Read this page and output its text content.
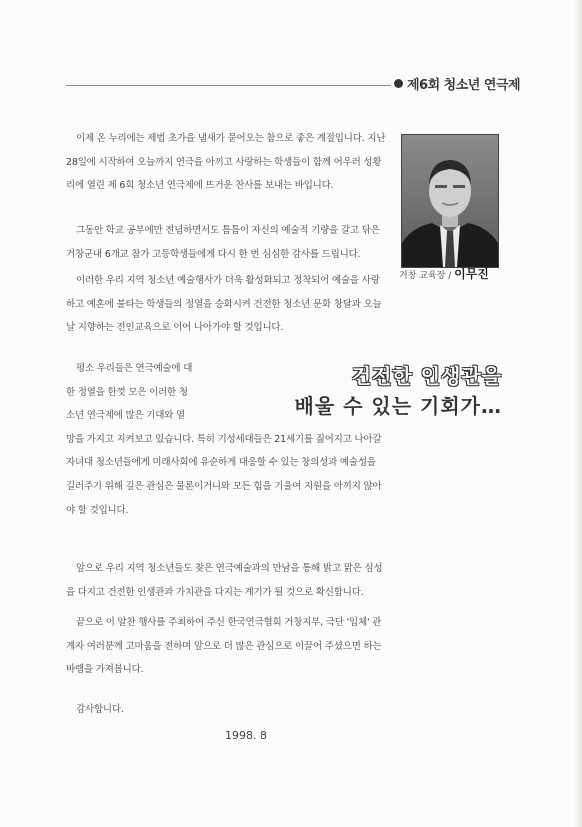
제6회 청소년 연극제
이제 온 누리에는 제법 초가을 냄새가 묻어오는 참으로 좋은 계절입니다. 지난
28일에 시작하여 오늘까지 연극을 아끼고 사랑하는 학생들이 함께 어우러 성황
리에 열린 제 6회 청소년 연극제에 뜨거운 찬사를 보내는 바입니다.
그동안 학교 공부에만 전념하면서도 틈틈이 자신의 예술적 기량을 갈고 닦은
거창군내 6개교 참가 고등학생들에게 다시 한 번 심심한 감사를 드립니다.
이러한 우리 지역 청소년 예술행사가 더욱 활성화되고 정착되어 예술을 사랑
하고 예혼에 불타는 학생들의 정열을 승화시켜 건전한 청소년 문화 창달과 오늘
날 지향하는 전인교육으로 이어 나아가야 할 것입니다.
평소 우리들은 연극예술에 대
한 정열을 한껏 모은 이러한 청
소년 연극제에 많은 기대와 열
망을 가지고 지켜보고 있습니다. 특히 기성세대들은 21세기를 짊어지고 나아갈
자녀대 청소년들에게 미래사회에 유순하게 대응할 수 있는 창의성과 예술성을
길러주기 위해 깊은 관심은 물론이거니와 모든 힘을 기울여 지원을 아끼지 않아
야 할 것입니다.
앞으로 우리 지역 청소년들도 찾은 연극예술과의 만남을 통해 밝고 맑은 심성
을 다지고 건전한 인생관과 가치관을 다지는 계기가 될 것으로 확신합니다.
끝으로 이 알찬 행사를 주최하여 주신 한국연극협회 거창지부, 극단 '입체' 관
계자 여러분께 고마움을 전하며 앞으로 더 많은 관심으로 이끌어 주셨으면 하는
바램을 가져봅니다.
감사합니다.
거창 교육장 / 이무진
건전한 인생관을
배울 수 있는 기회가…
1998. 8
